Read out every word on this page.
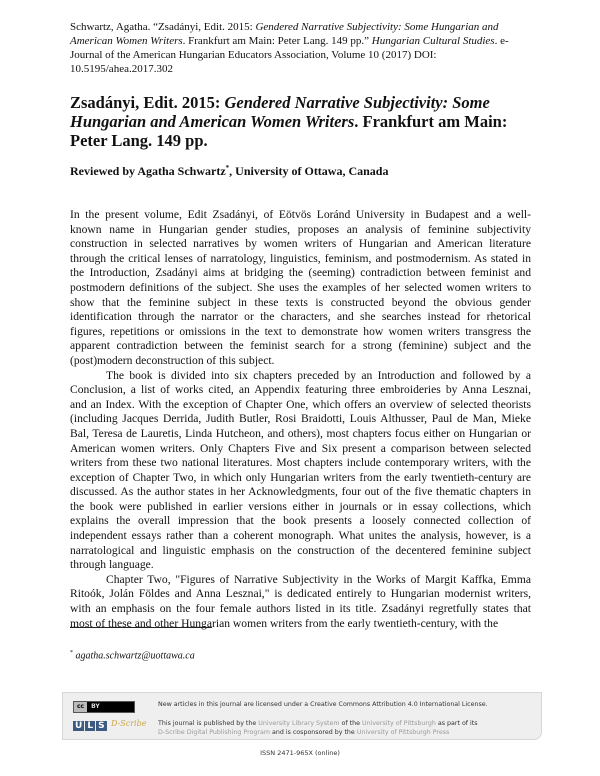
Schwartz, Agatha. “Zsadányi, Edit. 2015: Gendered Narrative Subjectivity: Some Hungarian and American Women Writers. Frankfurt am Main: Peter Lang. 149 pp.” Hungarian Cultural Studies. e-Journal of the American Hungarian Educators Association, Volume 10 (2017) DOI: 10.5195/ahea.2017.302
Zsadányi, Edit. 2015: Gendered Narrative Subjectivity: Some Hungarian and American Women Writers. Frankfurt am Main: Peter Lang. 149 pp.
Reviewed by Agatha Schwartz*, University of Ottawa, Canada
In the present volume, Edit Zsadányi, of Eötvös Loránd University in Budapest and a well-
known name in Hungarian gender studies, proposes an analysis of feminine subjectivity
construction in selected narratives by women writers of Hungarian and American literature
through the critical lenses of narratology, linguistics, feminism, and postmodernism. As stated in
the Introduction, Zsadányi aims at bridging the (seeming) contradiction between feminist and
postmodern definitions of the subject. She uses the examples of her selected women writers to
show that the feminine subject in these texts is constructed beyond the obvious gender
identification through the narrator or the characters, and she searches instead for rhetorical
figures, repetitions or omissions in the text to demonstrate how women writers transgress the
apparent contradiction between the feminist search for a strong (feminine) subject and the
(post)modern deconstruction of this subject.
The book is divided into six chapters preceded by an Introduction and followed by a
Conclusion, a list of works cited, an Appendix featuring three embroideries by Anna Lesznai,
and an Index. With the exception of Chapter One, which offers an overview of selected theorists
(including Jacques Derrida, Judith Butler, Rosi Braidotti, Louis Althusser, Paul de Man, Mieke
Bal, Teresa de Lauretis, Linda Hutcheon, and others), most chapters focus either on Hungarian or
American women writers. Only Chapters Five and Six present a comparison between selected
writers from these two national literatures. Most chapters include contemporary writers, with the
exception of Chapter Two, in which only Hungarian writers from the early twentieth-century are
discussed. As the author states in her Acknowledgments, four out of the five thematic chapters in
the book were published in earlier versions either in journals or in essay collections, which
explains the overall impression that the book presents a loosely connected collection of
independent essays rather than a coherent monograph. What unites the analysis, however, is a
narratological and linguistic emphasis on the construction of the decentered feminine subject
through language.
Chapter Two, "Figures of Narrative Subjectivity in the Works of Margit Kaffka, Emma
Ritoók, Jolán Földes and Anna Lesznai," is dedicated entirely to Hungarian modernist writers,
with an emphasis on the four female authors listed in its title. Zsadányi regretfully states that
most of these and other Hungarian women writers from the early twentieth-century, with the
* agatha.schwartz@uottawa.ca
cc BY
U L S D-Scribe
New articles in this journal are licensed under a Creative Commons Attribution 4.0 International License.
This journal is published by the University Library System of the University of Pittsburgh as part of its
D-Scribe Digital Publishing Program and is cosponsored by the University of Pittsburgh Press
ISSN 2471-965X (online)
